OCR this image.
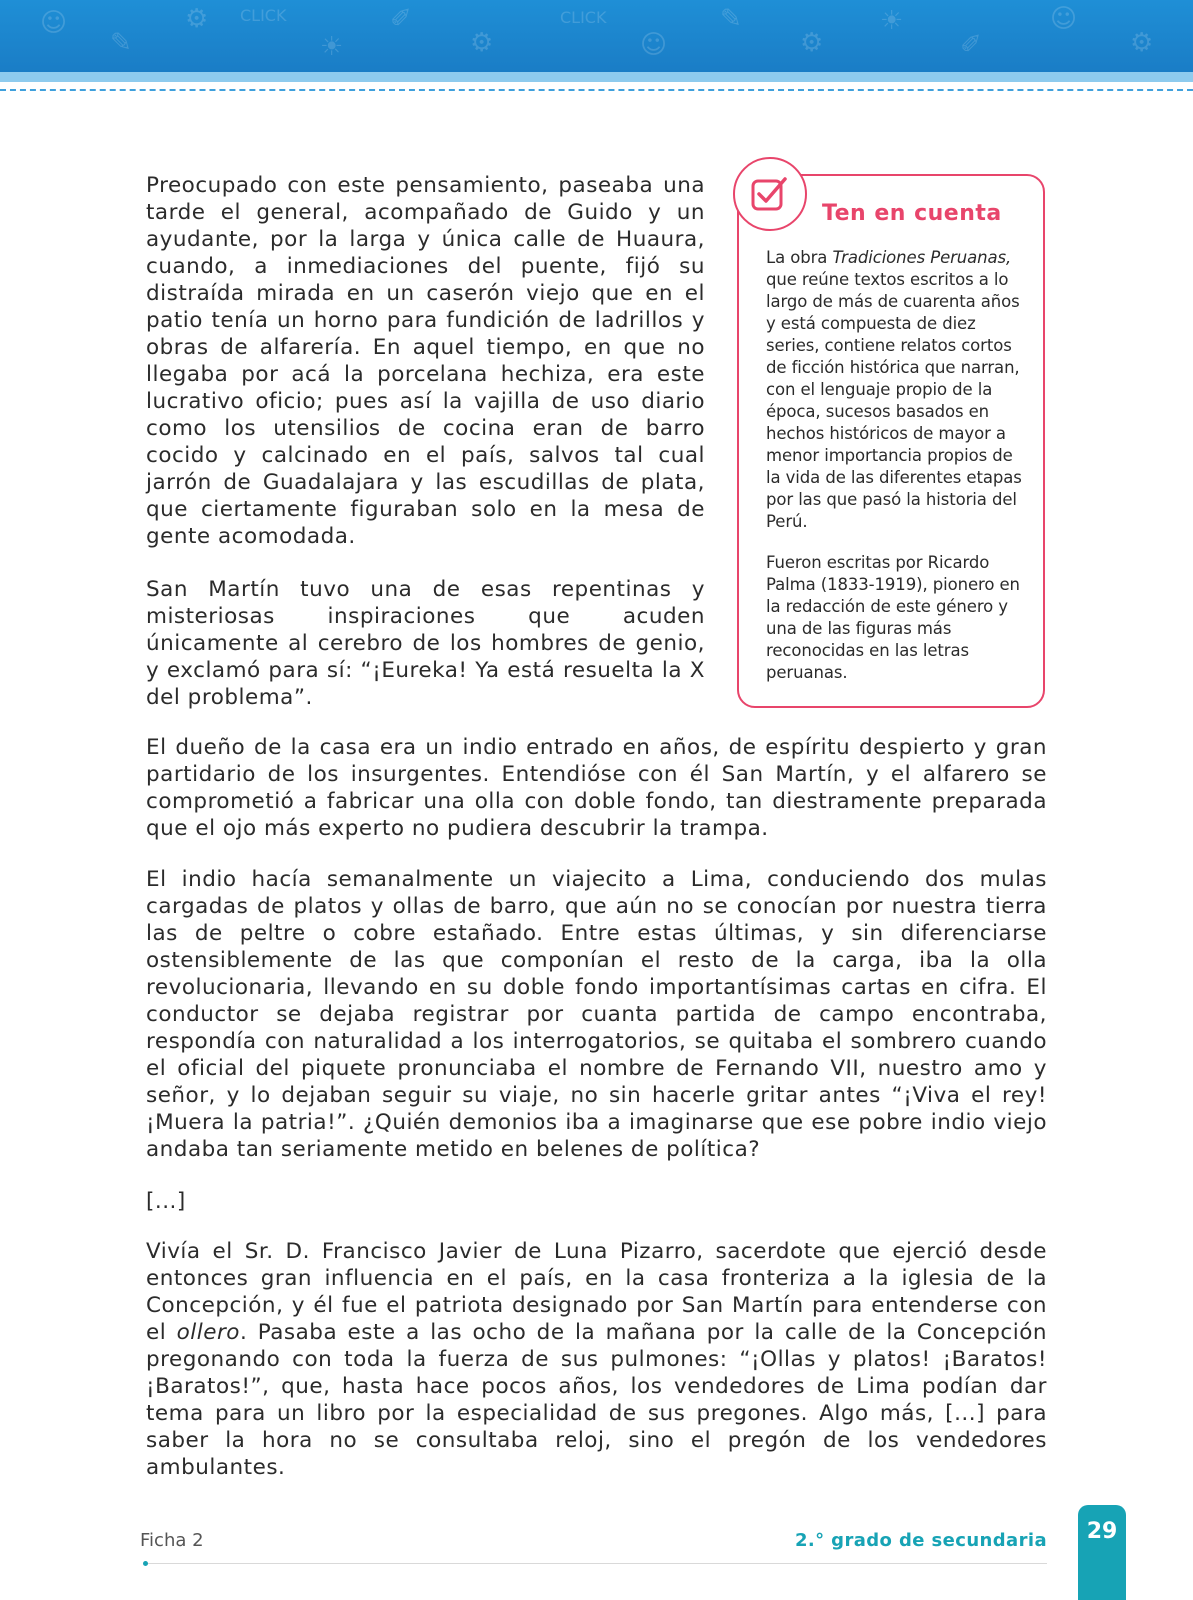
☺
✎
⚙ CLICK
☀
✐
⚙
CLICK
☺
✎
⚙
☀
✐
☺
⚙

Preocupado con este pensamiento, paseaba una tarde el general, acompañado de Guido y un ayudante, por la larga y única calle de Huaura, cuando, a inmediaciones del puente, fijó su distraída mirada en un caserón viejo que en el patio tenía un horno para fundición de ladrillos y obras de alfarería. En aquel tiempo, en que no llegaba por acá la porcelana hechiza, era este lucrativo oficio; pues así la vajilla de uso diario como los utensilios de cocina eran de barro cocido y calcinado en el país, salvos tal cual jarrón de Guadalajara y las escudillas de plata, que ciertamente figuraban solo en la mesa de gente acomodada.

San Martín tuvo una de esas repentinas y misteriosas inspiraciones que acuden únicamente al cerebro de los hombres de genio, y exclamó para sí: “¡Eureka! Ya está resuelta la X del problema”.

Ten en cuenta

La obra Tradiciones Peruanas, que reúne textos escritos a lo largo de más de cuarenta años y está compuesta de diez series, contiene relatos cortos de ficción histórica que narran, con el lenguaje propio de la época, sucesos basados en hechos históricos de mayor a menor importancia propios de la vida de las diferentes etapas por las que pasó la historia del Perú.

Fueron escritas por Ricardo Palma (1833-1919), pionero en la redacción de este género y una de las figuras más reconocidas en las letras peruanas.

El dueño de la casa era un indio entrado en años, de espíritu despierto y gran partidario de los insurgentes. Entendióse con él San Martín, y el alfarero se comprometió a fabricar una olla con doble fondo, tan diestramente preparada que el ojo más experto no pudiera descubrir la trampa.

El indio hacía semanalmente un viajecito a Lima, conduciendo dos mulas cargadas de platos y ollas de barro, que aún no se conocían por nuestra tierra las de peltre o cobre estañado. Entre estas últimas, y sin diferenciarse ostensiblemente de las que componían el resto de la carga, iba la olla revolucionaria, llevando en su doble fondo importantísimas cartas en cifra. El conductor se dejaba registrar por cuanta partida de campo encontraba, respondía con naturalidad a los interrogatorios, se quitaba el sombrero cuando el oficial del piquete pronunciaba el nombre de Fernando VII, nuestro amo y señor, y lo dejaban seguir su viaje, no sin hacerle gritar antes “¡Viva el rey! ¡Muera la patria!”. ¿Quién demonios iba a imaginarse que ese pobre indio viejo andaba tan seriamente metido en belenes de política?

[...]

Vivía el Sr. D. Francisco Javier de Luna Pizarro, sacerdote que ejerció desde entonces gran influencia en el país, en la casa fronteriza a la iglesia de la Concepción, y él fue el patriota designado por San Martín para entenderse con el ollero. Pasaba este a las ocho de la mañana por la calle de la Concepción pregonando con toda la fuerza de sus pulmones: “¡Ollas y platos! ¡Baratos! ¡Baratos!”, que, hasta hace pocos años, los vendedores de Lima podían dar tema para un libro por la especialidad de sus pregones. Algo más, [...] para saber la hora no se consultaba reloj, sino el pregón de los vendedores ambulantes.

Ficha 2	2.° grado de secundaria 29
